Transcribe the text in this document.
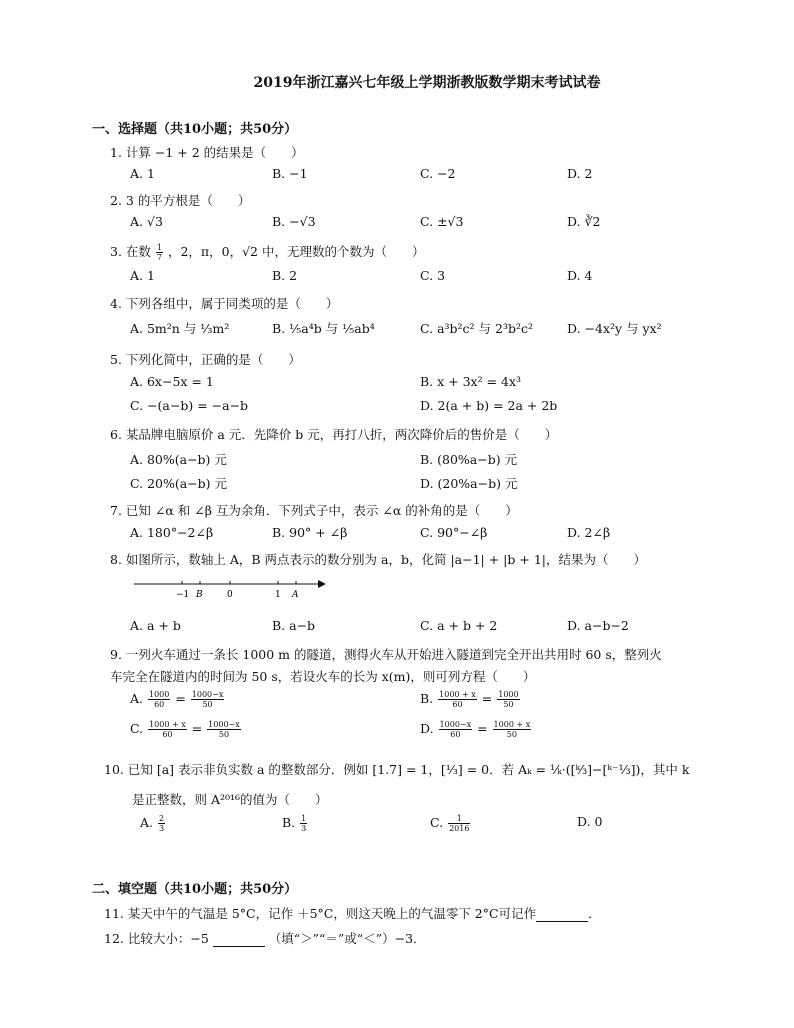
2019年浙江嘉兴七年级上学期浙教版数学期末考试试卷
一、选择题（共10小题；共50分）
1. 计算 −1 + 2 的结果是（　　）
A. 1	B. −1	C. −2	D. 2
2. 3 的平方根是（　　）
A. √3	B. −√3	C. ±√3	D. ∛2
3. 在数 $\frac{1}{7}$ ，2，π，0，√2 中，无理数的个数为（　　）
A. 1	B. 2	C. 3	D. 4
4. 下列各组中，属于同类项的是（　　）
A. 5m²n 与 ⅓m²	B. ⅕a⁴b 与 ⅕ab⁴	C. a³b²c² 与 2³b²c²	D. −4x²y 与 yx²
5. 下列化简中，正确的是（　　）
A. 6x−5x = 1	B. x + 3x² = 4x³
C. −(a−b) = −a−b	D. 2(a + b) = 2a + 2b
6. 某品牌电脑原价 a 元．先降价 b 元，再打八折，两次降价后的售价是（　　）
A. 80%(a−b) 元	B. (80%a−b) 元
C. 20%(a−b) 元	D. (20%a−b) 元
7. 已知 ∠α 和 ∠β 互为余角．下列式子中，表示 ∠α 的补角的是（　　）
A. 180°−2∠β	B. 90° + ∠β	C. 90°−∠β	D. 2∠β
8. 如图所示，数轴上 A，B 两点表示的数分别为 a，b，化简 |a−1| + |b + 1|，结果为（　　）
−1 B	0	1 A
A. a + b	B. a−b	C. a + b + 2	D. a−b−2
9. 一列火车通过一条长 1000 m 的隧道，测得火车从开始进入隧道到完全开出共用时 60 s，整列火
车完全在隧道内的时间为 50 s，若设火车的长为 x(m)，则可列方程（　　）
A. $\frac{1000}{60} = \frac{1000-x}{50}$	B. $\frac{1000 + x}{60} = \frac{1000}{50}$
C. $\frac{1000 + x}{60} = \frac{1000-x}{50}$	D. $\frac{1000-x}{60} = \frac{1000 + x}{50}$
10. 已知 [a] 表示非负实数 a 的整数部分．例如 [1.7] = 1，[⅓] = 0．若 Aₖ = ¹⁄ₖ·([ᵏ⁄₃]−[ᵏ⁻¹⁄₃])，其中 k
是正整数，则 A²⁰¹⁶的值为（　　）
A. $\frac{2}{3}$	B. $\frac{1}{3}$	C. $\frac{1}{2016}$	D. 0
二、填空题（共10小题；共50分）
11. 某天中午的气温是 5°C，记作 ＋5°C，则这天晚上的气温零下 2°C可记作	．
12. 比较大小：−5	（填“＞”“＝”或“＜”）−3．
